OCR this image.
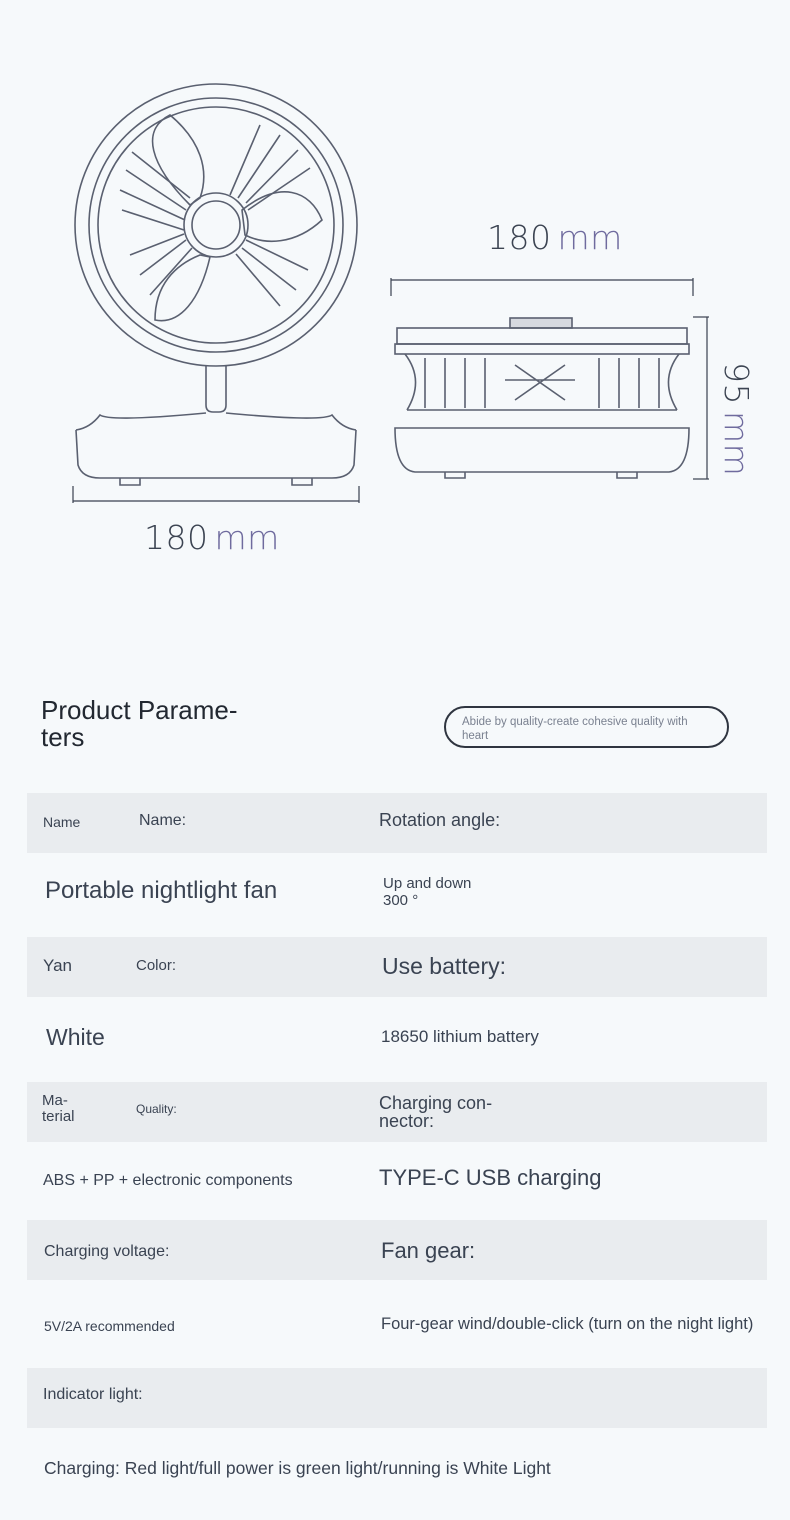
180 mm
180 mm
95mm
Product Parame-
ters	Abide by quality-create cohesive quality with heart
Name	Name:	Rotation angle:
Portable nightlight fan	Up and down
300 °
Yan	Color:	Use battery:
White	18650 lithium battery
Ma-
terial	Quality:	Charging con-
nector:
ABS + PP + electronic components	TYPE-C USB charging
Charging voltage:	Fan gear:
5V/2A recommended	Four-gear wind/double-click (turn on the night light)
Indicator light:
Charging: Red light/full power is green light/running is White Light
